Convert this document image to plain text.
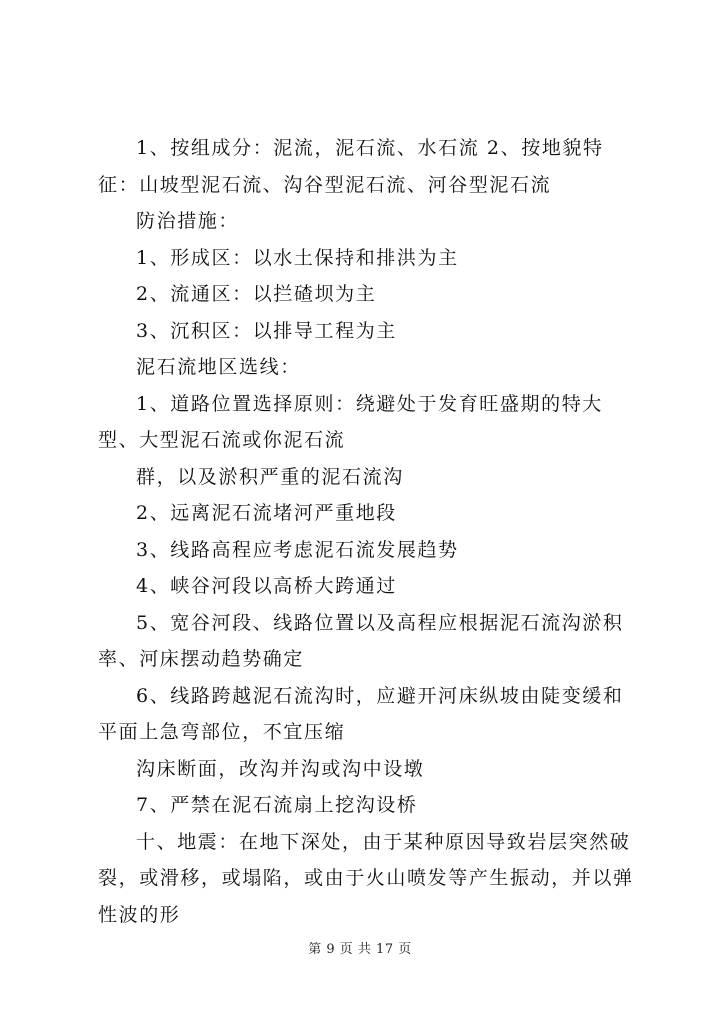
1、按组成分：泥流，泥石流、水石流 2、按地貌特征：山坡型泥石流、沟谷型泥石流、河谷型泥石流

防治措施：

1、形成区：以水土保持和排洪为主

2、流通区：以拦碴坝为主

3、沉积区：以排导工程为主

泥石流地区选线：

1、道路位置选择原则：绕避处于发育旺盛期的特大型、大型泥石流或你泥石流

群，以及淤积严重的泥石流沟

2、远离泥石流堵河严重地段

3、线路高程应考虑泥石流发展趋势

4、峡谷河段以高桥大跨通过

5、宽谷河段、线路位置以及高程应根据泥石流沟淤积率、河床摆动趋势确定

6、线路跨越泥石流沟时，应避开河床纵坡由陡变缓和平面上急弯部位，不宜压缩

沟床断面，改沟并沟或沟中设墩

7、严禁在泥石流扇上挖沟设桥

十、地震：在地下深处，由于某种原因导致岩层突然破裂，或滑移，或塌陷，或由于火山喷发等产生振动，并以弹性波的形

第 9 页 共 17 页
